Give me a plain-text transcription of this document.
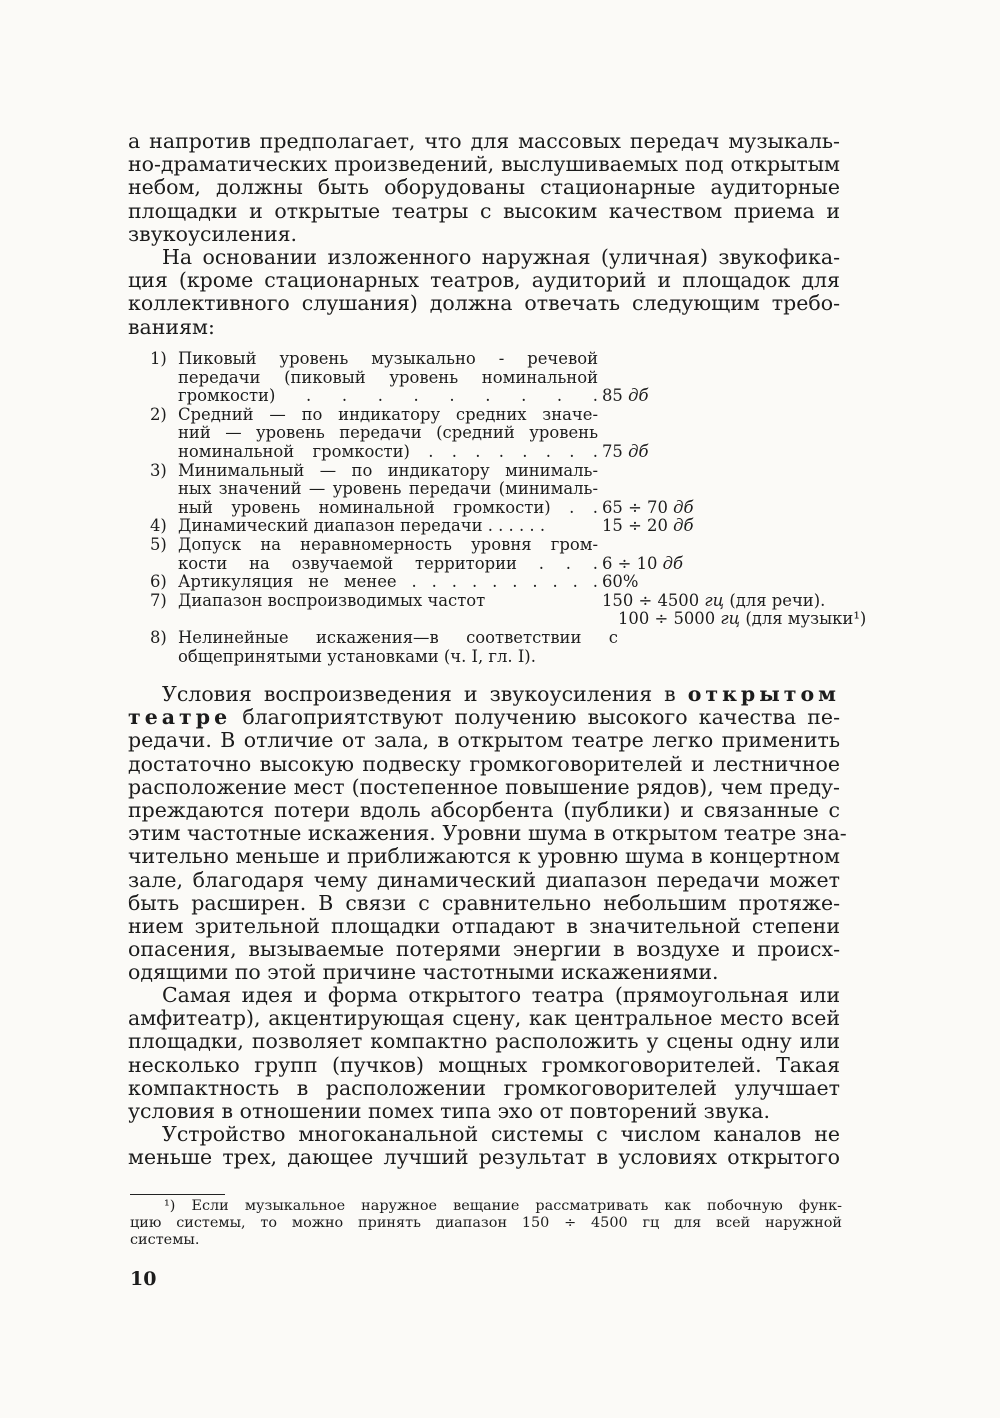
а напротив предполагает, что для массовых передач музыкаль-
но-драматических произведений, выслушиваемых под открытым
небом, должны быть оборудованы стационарные аудиторные
площадки и открытые театры с высоким качеством приема и
звукоусиления.
На основании изложенного наружная (уличная) звукофика-
ция (кроме стационарных театров, аудиторий и площадок для
коллективного слушания) должна отвечать следующим требо-
ваниям:
1) Пиковый уровень музыкально - речевой
передачи (пиковый уровень номинальной
громкости) . . . . . . . . . 85 дб
2) Средний — по индикатору средних значе-
ний — уровень передачи (средний уровень
номинальной громкости) . . . . . . . . 75 дб
3) Минимальный — по индикатору минималь-
ных значений — уровень передачи (минималь-
ный уровень номинальной громкости) . . 65 ÷ 70 дб
4) Динамический диапазон передачи . . . . . .	15 ÷ 20 дб
5) Допуск на неравномерность уровня гром-
кости на озвучаемой территории . . . 6 ÷ 10 дб
6) Артикуляция не менее . . . . . . . . . . 60%
7) Диапазон воспроизводимых частот	150 ÷ 4500 гц (для речи).
100 ÷ 5000 гц (для музыки¹)
8) Нелинейные искажения—в соответствии с
общепринятыми установками (ч. I, гл. I).
Условия воспроизведения и звукоусиления в открытом
театре благоприятствуют получению высокого качества пе-
редачи. В отличие от зала, в открытом театре легко применить
достаточно высокую подвеску громкоговорителей и лестничное
расположение мест (постепенное повышение рядов), чем преду-
преждаются потери вдоль абсорбента (публики) и связанные с
этим частотные искажения. Уровни шума в открытом театре зна-
чительно меньше и приближаются к уровню шума в концертном
зале, благодаря чему динамический диапазон передачи может
быть расширен. В связи с сравнительно небольшим протяже-
нием зрительной площадки отпадают в значительной степени
опасения, вызываемые потерями энергии в воздухе и происх-
одящими по этой причине частотными искажениями.
Самая идея и форма открытого театра (прямоугольная или
амфитеатр), акцентирующая сцену, как центральное место всей
площадки, позволяет компактно расположить у сцены одну или
несколько групп (пучков) мощных громкоговорителей. Такая
компактность в расположении громкоговорителей улучшает
условия в отношении помех типа эхо от повторений звука.
Устройство многоканальной системы с числом каналов не
меньше трех, дающее лучший результат в условиях открытого
¹) Если музыкальное наружное вещание рассматривать как побочную функ-
цию системы, то можно принять диапазон 150 ÷ 4500 гц для всей наружной
системы.
10
